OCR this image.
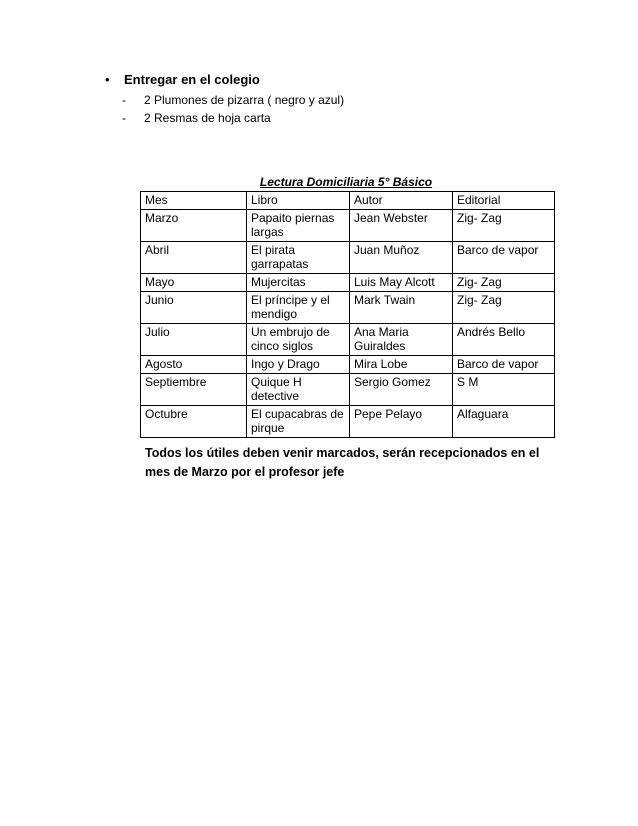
• Entregar en el colegio
- 2 Plumones de pizarra ( negro y azul)
- 2 Resmas de hoja carta
Lectura Domiciliaria 5° Básico
Mes	Libro	Autor	Editorial
Marzo	Papaito piernas largas	Jean Webster	Zig- Zag
Abril	El pirata garrapatas	Juan Muñoz	Barco de vapor
Mayo	Mujercitas	Luis May Alcott	Zig- Zag
Junio	El príncipe y el mendigo	Mark Twain	Zig- Zag
Julio	Un embrujo de cinco siglos	Ana Maria Guiraldes	Andrés Bello
Agosto	Ingo y Drago	Mira Lobe	Barco de vapor
Septiembre	Quique H detective	Sergio Gomez	S M
Octubre	El cupacabras de pirque	Pepe Pelayo	Alfaguara
Todos los útiles deben venir marcados, serán recepcionados en el mes de Marzo por el profesor jefe
